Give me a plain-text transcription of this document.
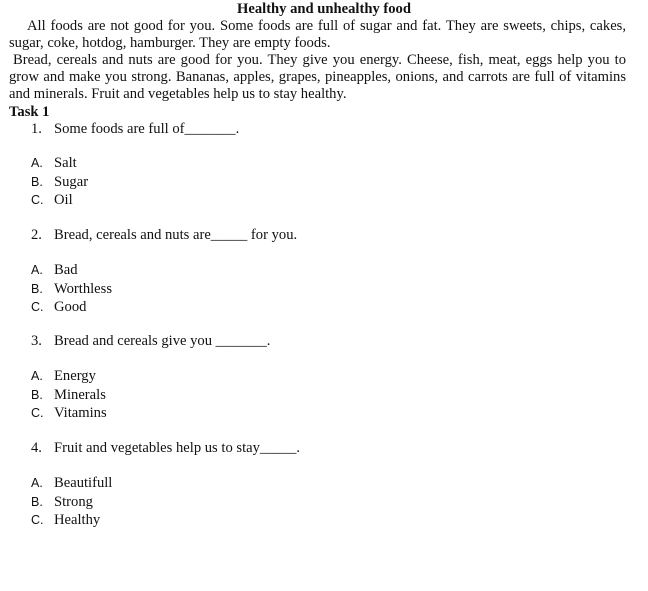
Healthy and unhealthy food

All foods are not good for you. Some foods are full of sugar and fat. They are sweets, chips, cakes, sugar, coke, hotdog, hamburger. They are empty foods.

Bread, cereals and nuts are good for you. They give you energy. Cheese, fish, meat, eggs help you to grow and make you strong. Bananas, apples, grapes, pineapples, onions, and carrots are full of vitamins and minerals. Fruit and vegetables help us to stay healthy.

Task 1
1. Some foods are full of_______.
A. Salt
B. Sugar
C. Oil
2. Bread, cereals and nuts are_____ for you.
A. Bad
B. Worthless
C. Good
3. Bread and cereals give you _______.
A. Energy
B. Minerals
C. Vitamins
4. Fruit and vegetables help us to stay_____.
A. Beautifull
B. Strong
C. Healthy
